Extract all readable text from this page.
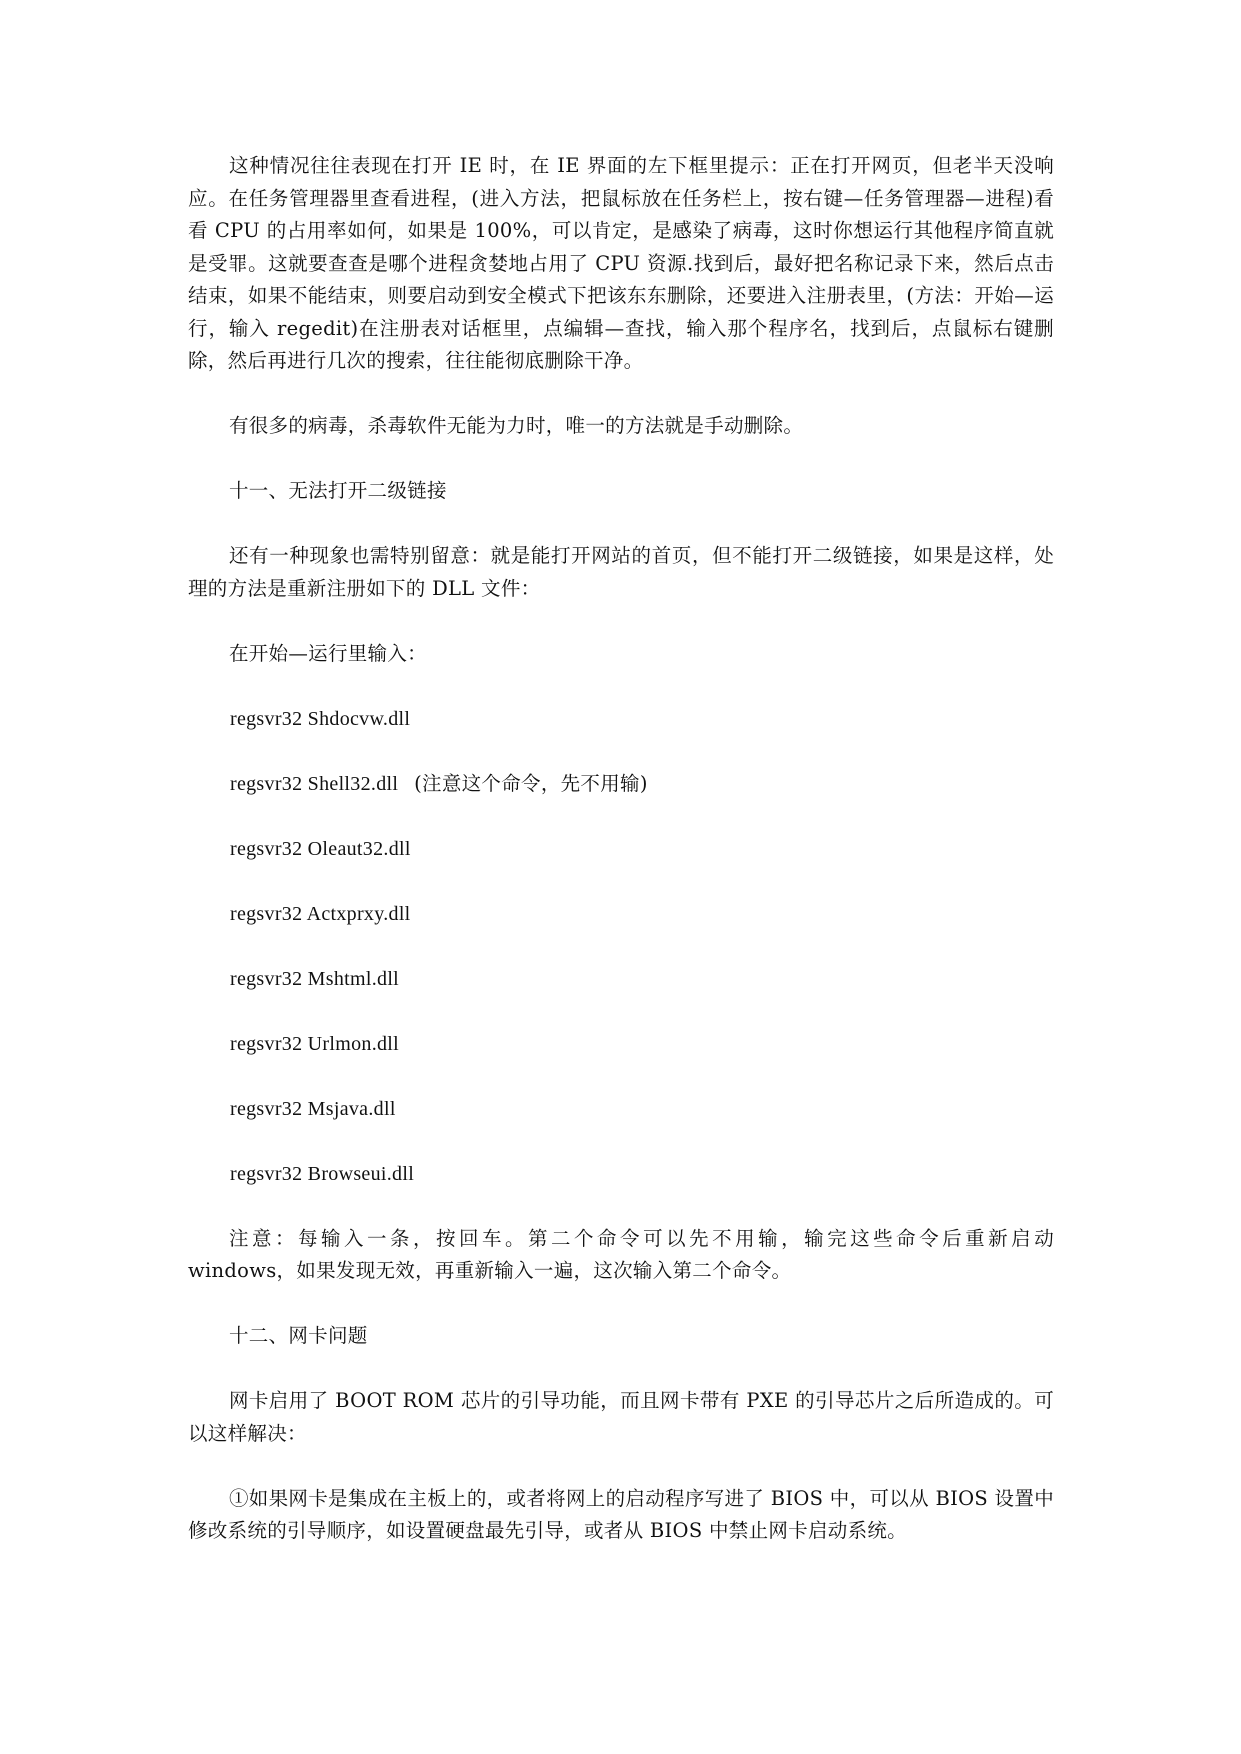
这种情况往往表现在打开 IE 时，在 IE 界面的左下框里提示：正在打开网页，但老半天没响应。在任务管理器里查看进程，(进入方法，把鼠标放在任务栏上，按右键—任务管理器—进程)看看 CPU 的占用率如何，如果是 100%，可以肯定，是感染了病毒，这时你想运行其他程序简直就是受罪。这就要查查是哪个进程贪婪地占用了 CPU 资源.找到后，最好把名称记录下来，然后点击结束，如果不能结束，则要启动到安全模式下把该东东删除，还要进入注册表里，(方法：开始—运行，输入 regedit)在注册表对话框里，点编辑—查找，输入那个程序名，找到后，点鼠标右键删除，然后再进行几次的搜索，往往能彻底删除干净。

有很多的病毒，杀毒软件无能为力时，唯一的方法就是手动删除。

十一、无法打开二级链接

还有一种现象也需特别留意：就是能打开网站的首页，但不能打开二级链接，如果是这样，处理的方法是重新注册如下的 DLL 文件：

在开始—运行里输入：

regsvr32 Shdocvw.dll

regsvr32 Shell32.dll (注意这个命令，先不用输)

regsvr32 Oleaut32.dll

regsvr32 Actxprxy.dll

regsvr32 Mshtml.dll

regsvr32 Urlmon.dll

regsvr32 Msjava.dll

regsvr32 Browseui.dll

注意：每输入一条，按回车。第二个命令可以先不用输，输完这些命令后重新启动 windows，如果发现无效，再重新输入一遍，这次输入第二个命令。

十二、网卡问题

网卡启用了 BOOT ROM 芯片的引导功能，而且网卡带有 PXE 的引导芯片之后所造成的。可以这样解决：

①如果网卡是集成在主板上的，或者将网上的启动程序写进了 BIOS 中，可以从 BIOS 设置中修改系统的引导顺序，如设置硬盘最先引导，或者从 BIOS 中禁止网卡启动系统。
